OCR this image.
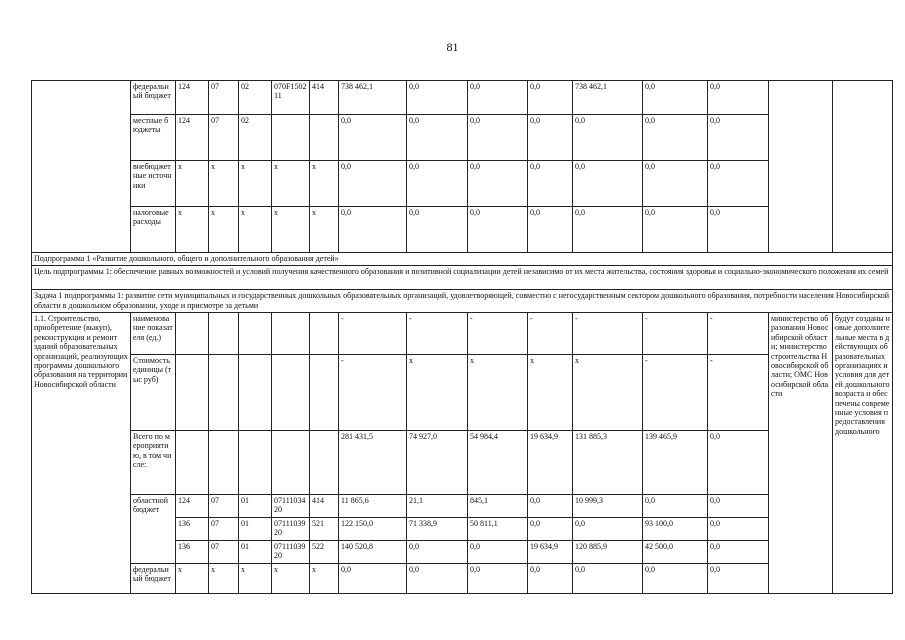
81
	федеральный бюджет	124	07	02	070F150211	414	738 462,1	0,0	0,0	0,0	738 462,1	0,0	0,0		
	местные бюджеты	124	07	02			0,0	0,0	0,0	0,0	0,0	0,0	0,0		
	внебюджетные источники	х	х	х	х	х	0,0	0,0	0,0	0,0	0,0	0,0	0,0		
	налоговые расходы	х	х	х	х	х	0,0	0,0	0,0	0,0	0,0	0,0	0,0		
Подпрограмма 1 «Развитие дошкольного, общего и дополнительного образования детей»															
Цель подпрограммы 1: обеспечение равных возможностей и условий получения качественного образования и позитивной социализации детей независимо от их места жительства, состояния здоровья и социально-экономического положения их семей															
Задача 1 подпрограммы 1: развитие сети муниципальных и государственных дошкольных образовательных организаций, удовлетворяющей, совместно с негосударственным сектором дошкольного образования, потребности населения Новосибирской области в дошкольном образовании, уходе и присмотре за детьми															
1.1. Строительство, приобретение (выкуп), реконструкция и ремонт зданий образовательных организаций, реализующих программы дошкольного образования на территории Новосибирской области	наименование показателя (ед.)						-	-	-	-	-	-	-	министерство образования Новосибирской области; министерство строительства Новосибирской области; ОМС Новосибирской области	будут созданы новые дополнительные места в действующих образовательных организациях и условия для детей дошкольного возраста и обеспечены современные условия предоставления дошкольного
	Стоимость единицы (тыс руб)						-	х	х	х	х	-	-		
	Всего по мероприятию, в том числе:						281 431,5	74 927,0	54 984,4	19 634,9	131 885,3	139 465,9	0,0		
	областной бюджет	124	07	01	0711103420	414	11 865,6	21,1	845,1	0,0	10 999,3	0,0	0,0		
		136	07	01	0711103920	521	122 150,0	71 338,9	50 811,1	0,0	0,0	93 100,0	0,0		
		136	07	01	0711103920	522	140 520,8	0,0	0,0	19 634,9	120 885,9	42 500,0	0,0		
	федеральный бюджет	х	х	х	х	х	0,0	0,0	0,0	0,0	0,0	0,0	0,0		
